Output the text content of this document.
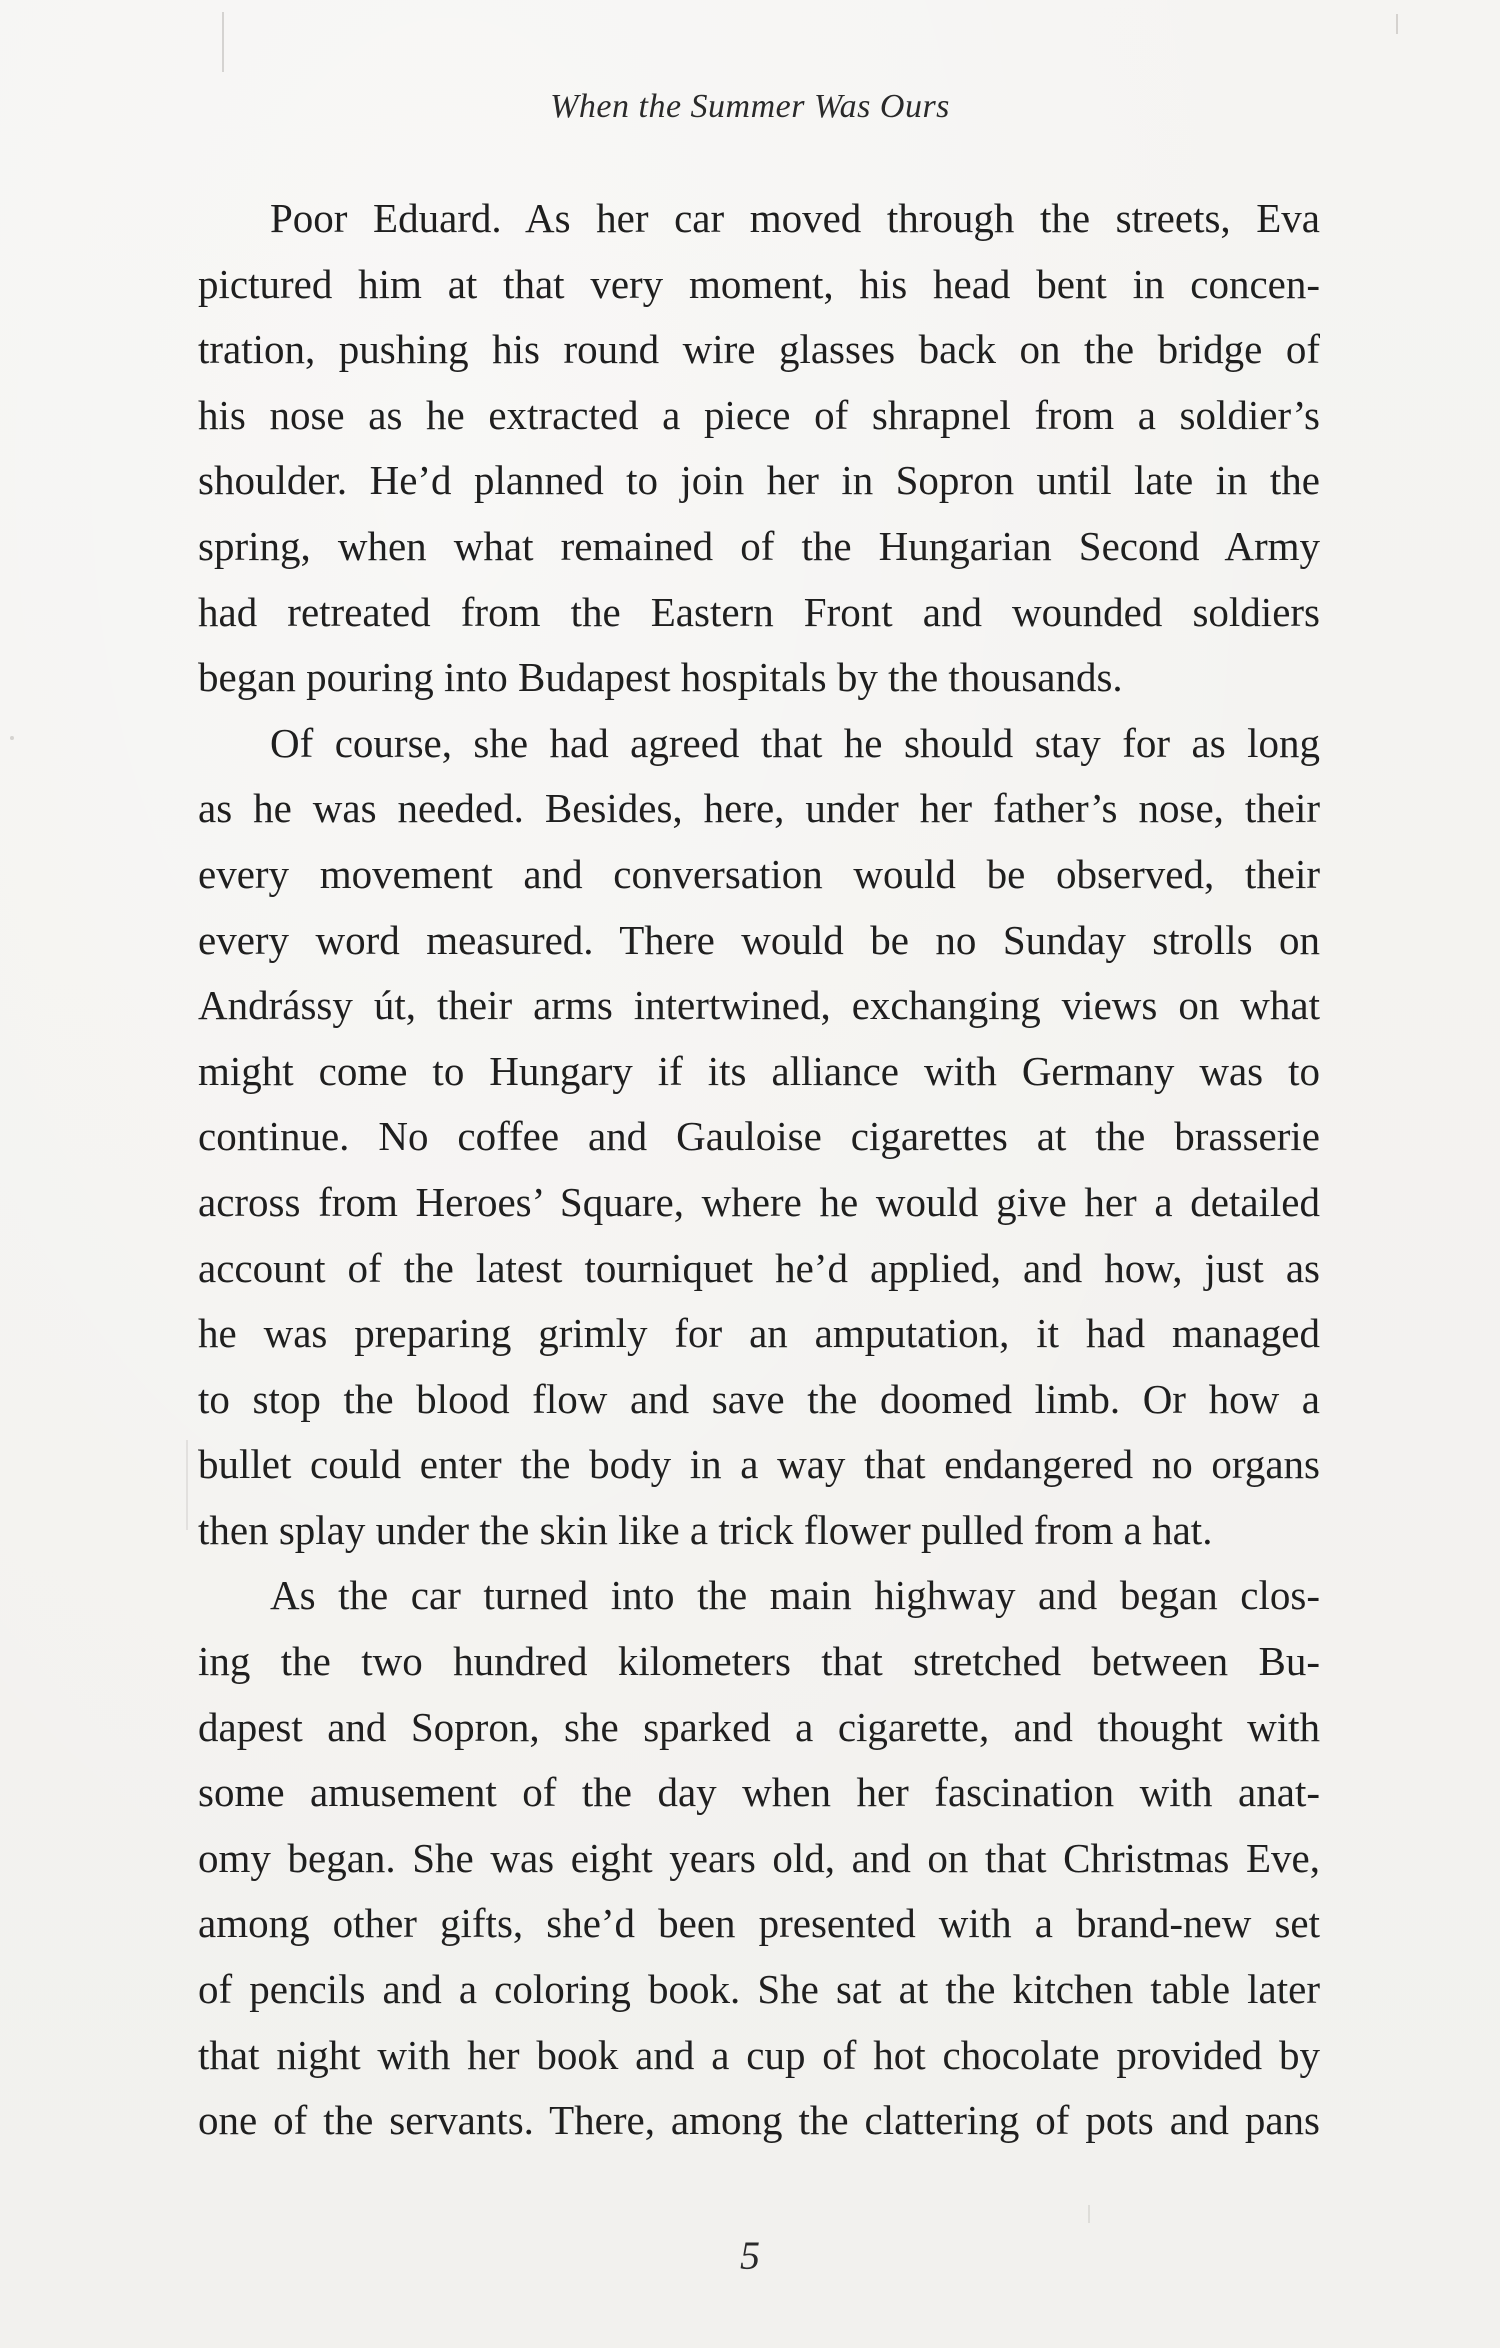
When the Summer Was Ours
Poor Eduard. As her car moved through the streets, Eva
pictured him at that very moment, his head bent in concen-
tration, pushing his round wire glasses back on the bridge of
his nose as he extracted a piece of shrapnel from a soldier’s
shoulder. He’d planned to join her in Sopron until late in the
spring, when what remained of the Hungarian Second Army
had retreated from the Eastern Front and wounded soldiers
began pouring into Budapest hospitals by the thousands.
Of course, she had agreed that he should stay for as long
as he was needed. Besides, here, under her father’s nose, their
every movement and conversation would be observed, their
every word measured. There would be no Sunday strolls on
Andrássy út, their arms intertwined, exchanging views on what
might come to Hungary if its alliance with Germany was to
continue. No coffee and Gauloise cigarettes at the brasserie
across from Heroes’ Square, where he would give her a detailed
account of the latest tourniquet he’d applied, and how, just as
he was preparing grimly for an amputation, it had managed
to stop the blood flow and save the doomed limb. Or how a
bullet could enter the body in a way that endangered no organs
then splay under the skin like a trick flower pulled from a hat.
As the car turned into the main highway and began clos-
ing the two hundred kilometers that stretched between Bu-
dapest and Sopron, she sparked a cigarette, and thought with
some amusement of the day when her fascination with anat-
omy began. She was eight years old, and on that Christmas Eve,
among other gifts, she’d been presented with a brand-new set
of pencils and a coloring book. She sat at the kitchen table later
that night with her book and a cup of hot chocolate provided by
one of the servants. There, among the clattering of pots and pans
5
